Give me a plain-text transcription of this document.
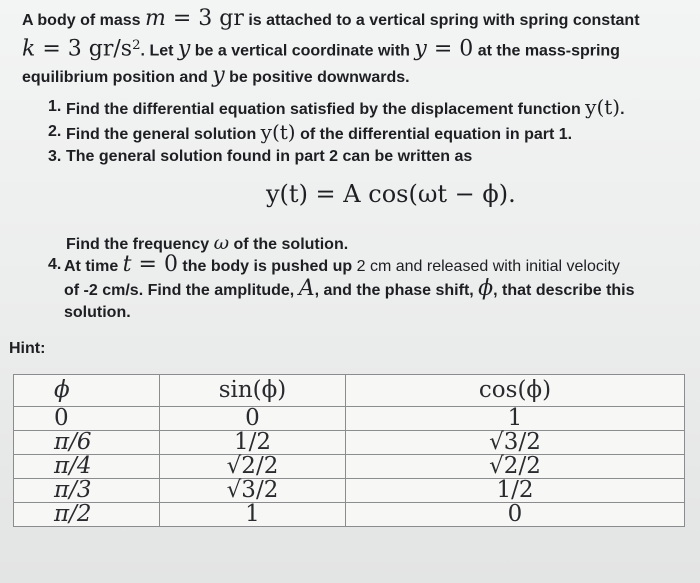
A body of mass m = 3 gr is attached to a vertical spring with spring constant
k = 3 $gr/s^2$. Let y be a vertical coordinate with y = 0 at the mass-spring
equilibrium position and y be positive downwards.
1. Find the differential equation satisfied by the displacement function y(t).
2. Find the general solution y(t) of the differential equation in part 1.
3. The general solution found in part 2 can be written as
y(t) = A cos(ωt − ϕ).
Find the frequency ω of the solution.
4. At time t = 0 the body is pushed up 2 cm and released with initial velocity
of -2 cm/s. Find the amplitude, A, and the phase shift, ϕ, that describe this
solution.
Hint:
ϕ	sin(ϕ)	cos(ϕ)
0	0	1
π/6	1/2	√3/2
π/4	√2/2	√2/2
π/3	√3/2	1/2
π/2	1	0
